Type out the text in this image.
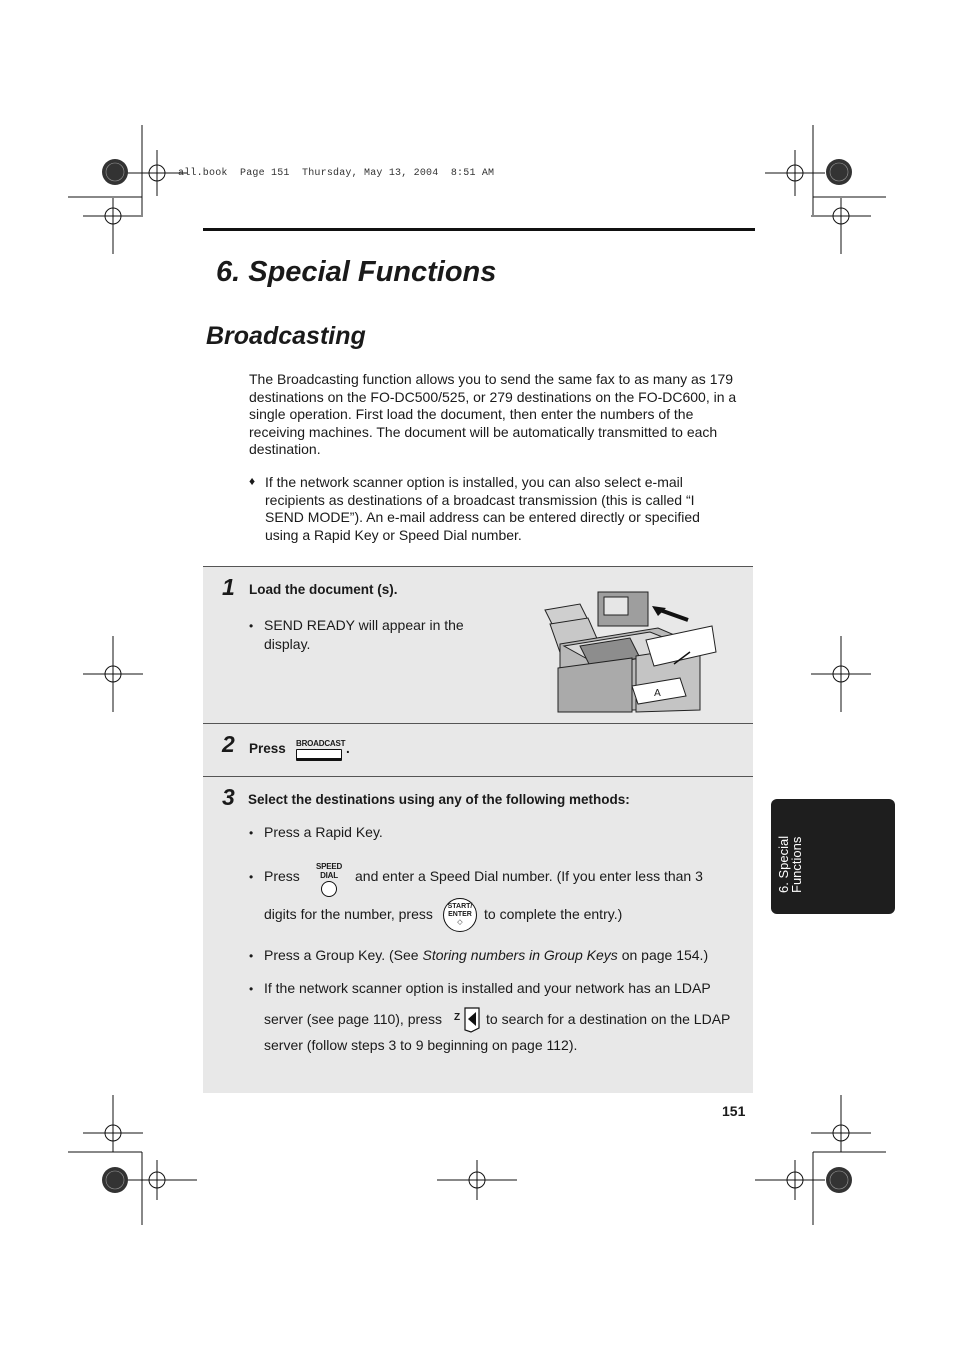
all.book  Page 151  Thursday, May 13, 2004  8:51 AM
6. Special Functions
Broadcasting

The Broadcasting function allows you to send the same fax to as many as 179 destinations on the FO-DC500/525, or 279 destinations on the FO-DC600, in a single operation. First load the document, then enter the numbers of the receiving machines. The document will be automatically transmitted to each destination.

♦ If the network scanner option is installed, you can also select e-mail recipients as destinations of a broadcast transmission (this is called “I SEND MODE”). An e-mail address can be entered directly or specified using a Rapid Key or Speed Dial number.

1 Load the document (s).
• SEND READY will appear in the display.
A
2 Press BROADCAST .
3 Select the destinations using any of the following methods:
• Press a Rapid Key.
• Press
SPEED DIAL	and enter a Speed Dial number. (If you enter less than 3
digits for the number, press	START/
ENTER
◇
to complete the entry.)
• Press a Group Key. (See Storing numbers in Group Keys on page 154.)
• If the network scanner option is installed and your network has an LDAP
server (see page 110), press Z to search for a destination on the LDAP
server (follow steps 3 to 9 beginning on page 112).
6. Special Functions
151
